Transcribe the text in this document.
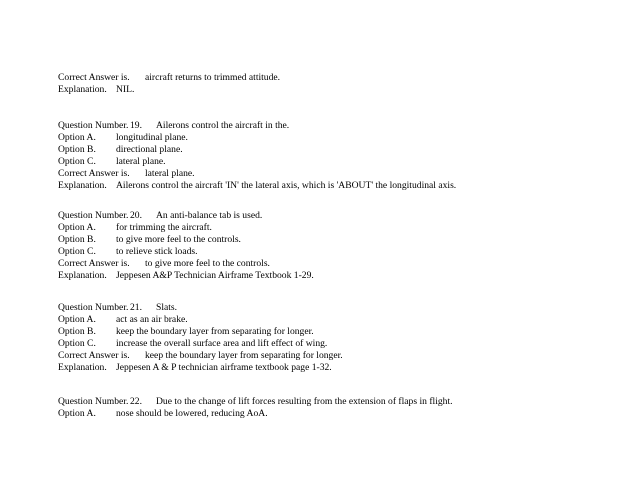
Correct Answer is. aircraft returns to trimmed attitude.
Explanation. NIL.
Question Number. 19. Ailerons control the aircraft in the.
Option A. longitudinal plane.
Option B. directional plane.
Option C. lateral plane.
Correct Answer is. lateral plane.
Explanation. Ailerons control the aircraft 'IN' the lateral axis, which is 'ABOUT' the longitudinal axis.
Question Number. 20. An anti-balance tab is used.
Option A. for trimming the aircraft.
Option B. to give more feel to the controls.
Option C. to relieve stick loads.
Correct Answer is. to give more feel to the controls.
Explanation. Jeppesen A&P Technician Airframe Textbook 1-29.
Question Number. 21. Slats.
Option A. act as an air brake.
Option B. keep the boundary layer from separating for longer.
Option C. increase the overall surface area and lift effect of wing.
Correct Answer is. keep the boundary layer from separating for longer.
Explanation. Jeppesen A & P technician airframe textbook page 1-32.
Question Number. 22. Due to the change of lift forces resulting from the extension of flaps in flight.
Option A. nose should be lowered, reducing AoA.
